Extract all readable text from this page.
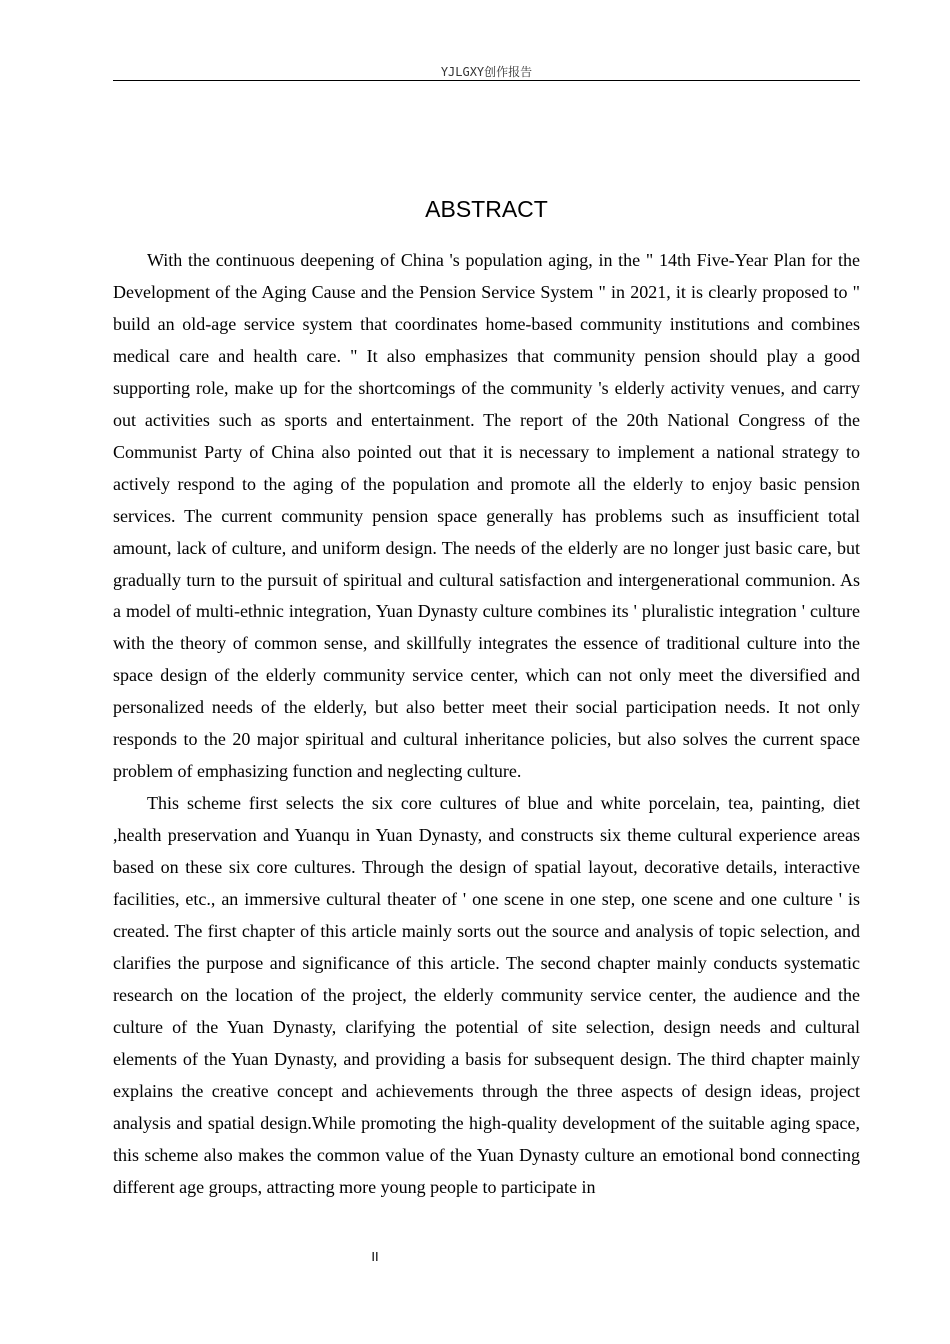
YJLGXY创作报告
ABSTRACT

With the continuous deepening of China 's population aging, in the " 14th Five-Year Plan for the Development of the Aging Cause and the Pension Service System " in 2021, it is clearly proposed to " build an old-age service system that coordinates home-based community institutions and combines medical care and health care. " It also emphasizes that community pension should play a good supporting role, make up for the shortcomings of the community 's elderly activity venues, and carry out activities such as sports and entertainment. The report of the 20th National Congress of the Communist Party of China also pointed out that it is necessary to implement a national strategy to actively respond to the aging of the population and promote all the elderly to enjoy basic pension services. The current community pension space generally has problems such as insufficient total amount, lack of culture, and uniform design. The needs of the elderly are no longer just basic care, but gradually turn to the pursuit of spiritual and cultural satisfaction and intergenerational communion. As a model of multi-ethnic integration, Yuan Dynasty culture combines its ' pluralistic integration ' culture with the theory of common sense, and skillfully integrates the essence of traditional culture into the space design of the elderly community service center, which can not only meet the diversified and personalized needs of the elderly, but also better meet their social participation needs. It not only responds to the 20 major spiritual and cultural inheritance policies, but also solves the current space problem of emphasizing function and neglecting culture.

This scheme first selects the six core cultures of blue and white porcelain, tea, painting, diet ,health preservation and Yuanqu in Yuan Dynasty, and constructs six theme cultural experience areas based on these six core cultures. Through the design of spatial layout, decorative details, interactive facilities, etc., an immersive cultural theater of ' one scene in one step, one scene and one culture ' is created. The first chapter of this article mainly sorts out the source and analysis of topic selection, and clarifies the purpose and significance of this article. The second chapter mainly conducts systematic research on the location of the project, the elderly community service center, the audience and the culture of the Yuan Dynasty, clarifying the potential of site selection, design needs and cultural elements of the Yuan Dynasty, and providing a basis for subsequent design. The third chapter mainly explains the creative concept and achievements through the three aspects of design ideas, project analysis and spatial design.While promoting the high-quality development of the suitable aging space, this scheme also makes the common value of the Yuan Dynasty culture an emotional bond connecting different age groups, attracting more young people to participate in

II
